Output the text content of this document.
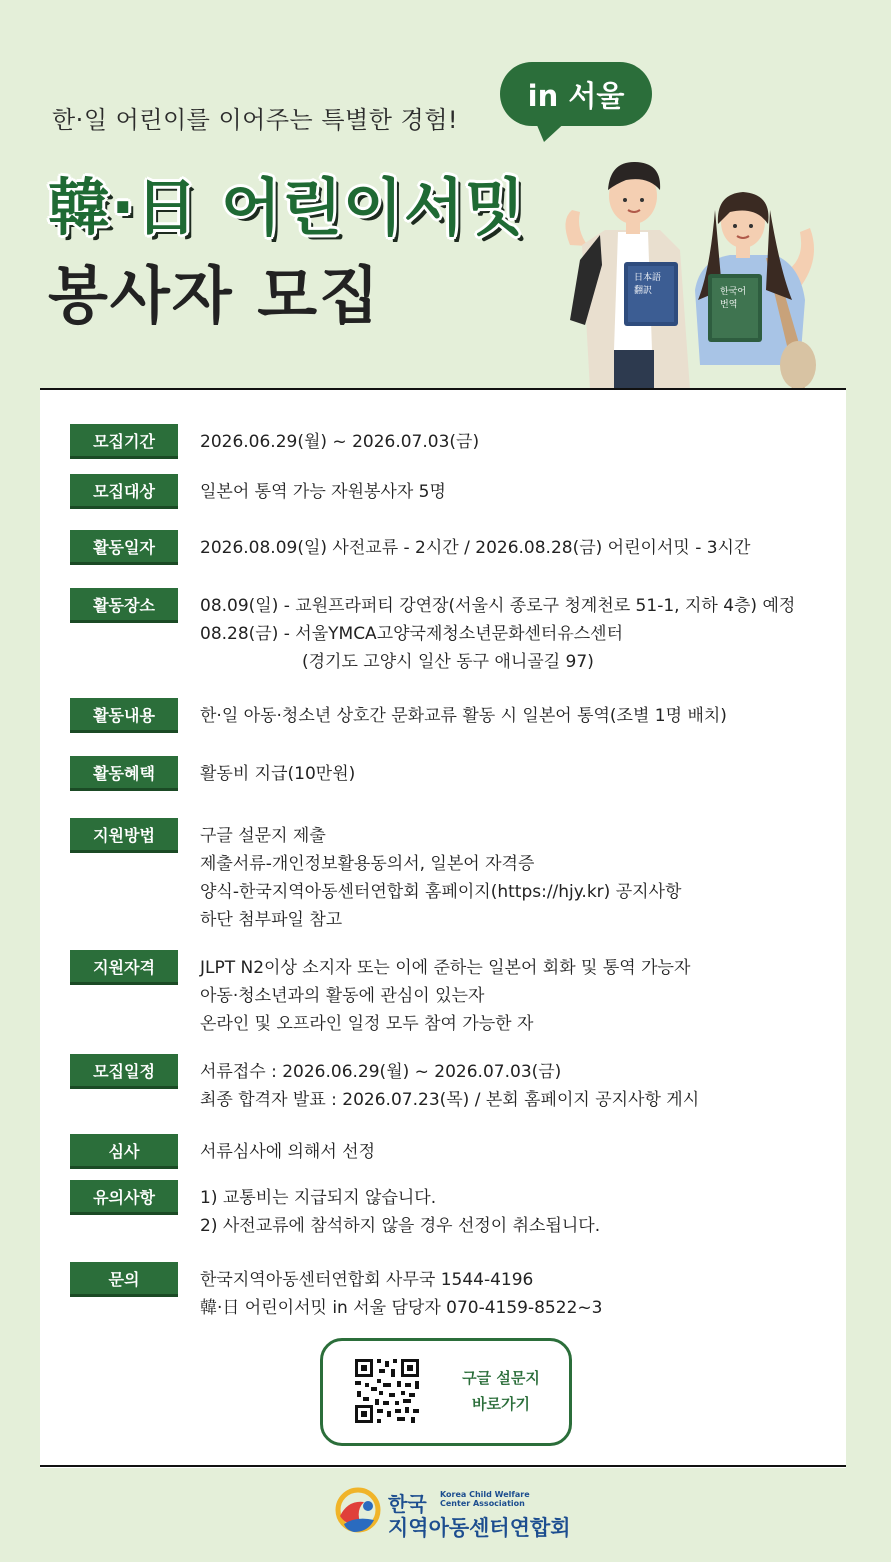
한·일 어린이를 이어주는 특별한 경험!
in 서울
韓·日 어린이서밋
봉사자 모집	日本語
翻訳	한국어
번역
모집기간	2026.06.29(월) ~ 2026.07.03(금)
모집대상	일본어 통역 가능 자원봉사자 5명
활동일자	2026.08.09(일) 사전교류 - 2시간 / 2026.08.28(금) 어린이서밋 - 3시간
활동장소	08.09(일) - 교원프라퍼티 강연장(서울시 종로구 청계천로 51-1, 지하 4층) 예정
08.28(금) - 서울YMCA고양국제청소년문화센터유스센터
(경기도 고양시 일산 동구 애니골길 97)
활동내용	한·일 아동·청소년 상호간 문화교류 활동 시 일본어 통역(조별 1명 배치)
활동혜택	활동비 지급(10만원)
지원방법	구글 설문지 제출
제출서류-개인정보활용동의서, 일본어 자격증
양식-한국지역아동센터연합회 홈페이지(https://hjy.kr) 공지사항
하단 첨부파일 참고
지원자격	JLPT N2이상 소지자 또는 이에 준하는 일본어 회화 및 통역 가능자
아동·청소년과의 활동에 관심이 있는자
온라인 및 오프라인 일정 모두 참여 가능한 자
모집일정	서류접수 : 2026.06.29(월) ~ 2026.07.03(금)
최종 합격자 발표 : 2026.07.23(목) / 본회 홈페이지 공지사항 게시
심사	서류심사에 의해서 선정
유의사항	1) 교통비는 지급되지 않습니다.
2) 사전교류에 참석하지 않을 경우 선정이 취소됩니다.
문의	한국지역아동센터연합회 사무국 1544-4196
韓·日 어린이서밋 in 서울 담당자 070-4159-8522~3
구글 설문지
바로가기
한국 Korea Child Welfare Center Association
지역아동센터연합회
